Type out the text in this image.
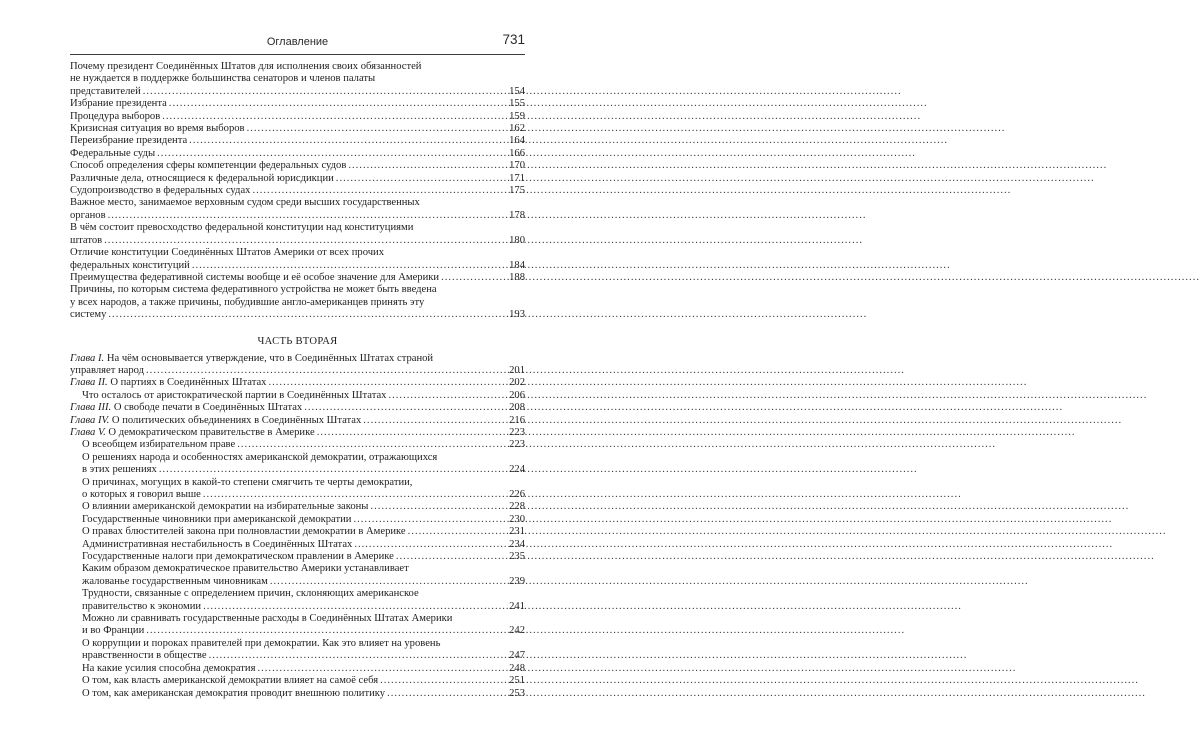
Оглавление	731
Почему президент Соединённых Штатов для исполнения своих обязанностей
не нуждается в поддержке большинства сенаторов и членов палаты
представителей .....	154
Избрание президента .....	155
Процедура выборов .....	159
Кризисная ситуация во время выборов .....	162
Переизбрание президента .....	164
Федеральные суды .....	166
Способ определения сферы компетенции федеральных судов .....	170
Различные дела, относящиеся к федеральной юрисдикции .....	171
Судопроизводство в федеральных судах .....	175
Важное место, занимаемое верховным судом среди высших государственных
органов .....	178
В чём состоит превосходство федеральной конституции над конституциями
штатов .....	180
Отличие конституции Соединённых Штатов Америки от всех прочих
федеральных конституций .....	184
Преимущества федеративной системы вообще и её особое значение для Америки .....	188
Причины, по которым система федеративного устройства не может быть введена
у всех народов, а также причины, побудившие англо-американцев принять эту
систему .....	193
ЧАСТЬ ВТОРАЯ
Глава I. На чём основывается утверждение, что в Соединённых Штатах страной
управляет народ .....	201
Глава II. О партиях в Соединённых Штатах .....	202
Что осталось от аристократической партии в Соединённых Штатах .....	206
Глава III. О свободе печати в Соединённых Штатах .....	208
Глава IV. О политических объединениях в Соединённых Штатах .....	216
Глава V. О демократическом правительстве в Америке .....	223
О всеобщем избирательном праве .....	223
О решениях народа и особенностях американской демократии, отражающихся
в этих решениях .....	224
О причинах, могущих в какой-то степени смягчить те черты демократии,
о которых я говорил выше .....	226
О влиянии американской демократии на избирательные законы .....	228
Государственные чиновники при американской демократии .....	230
О правах блюстителей закона при полновластии демократии в Америке .....	231
Административная нестабильность в Соединённых Штатах .....	234
Государственные налоги при демократическом правлении в Америке .....	235
Каким образом демократическое правительство Америки устанавливает
жалованье государственным чиновникам .....	239
Трудности, связанные с определением причин, склоняющих американское
правительство к экономии .....	241
Можно ли сравнивать государственные расходы в Соединённых Штатах Америки
и во Франции .....	242
О коррупции и пороках правителей при демократии. Как это влияет на уровень
нравственности в обществе .....	247
На какие усилия способна демократия .....	248
О том, как власть американской демократии влияет на самоё себя .....	251
О том, как американская демократия проводит внешнюю политику .....	253
